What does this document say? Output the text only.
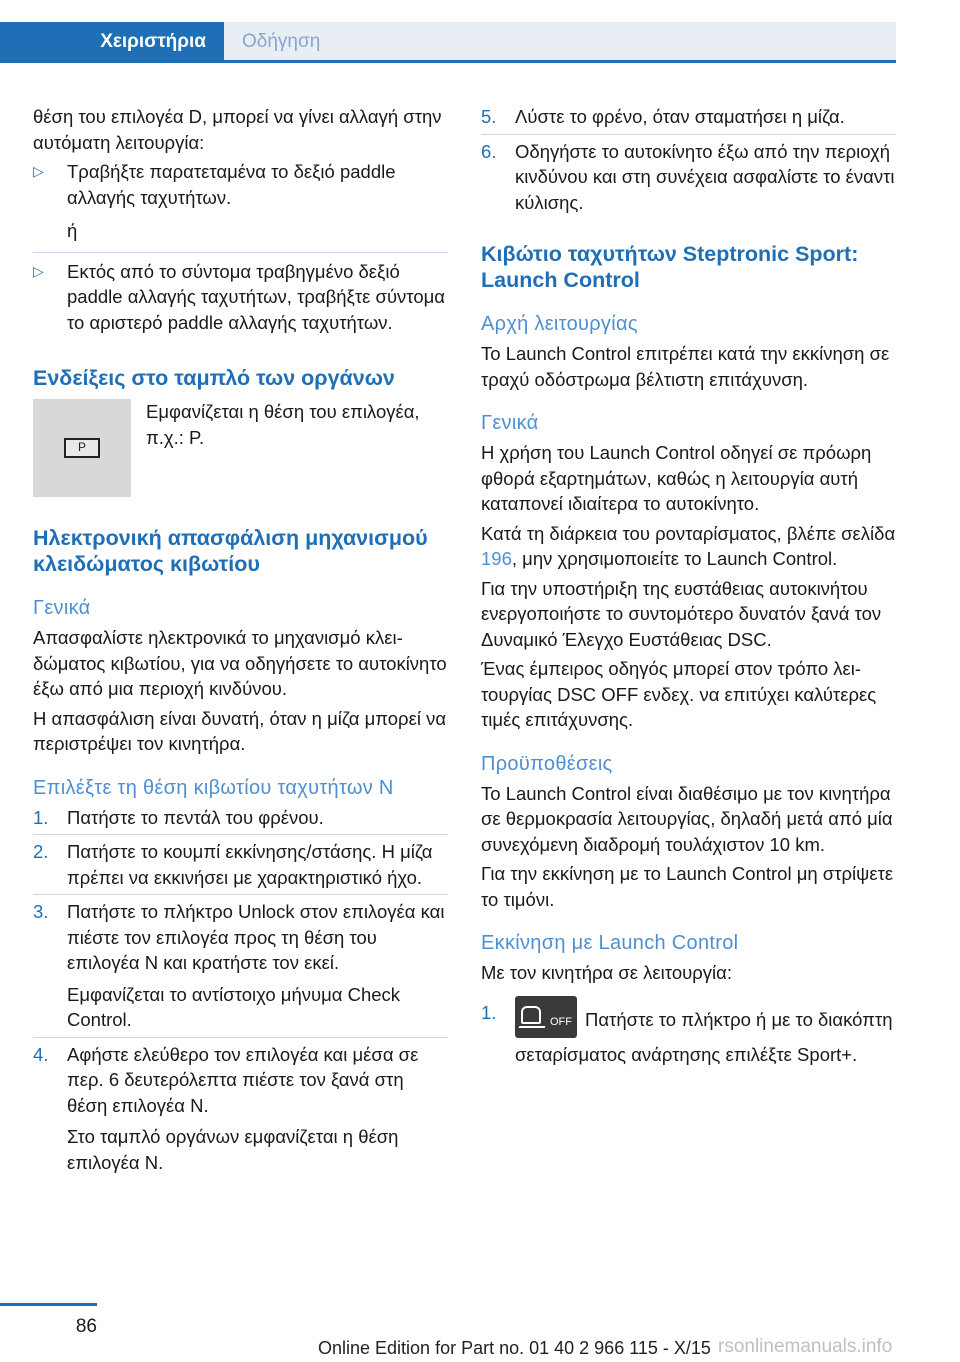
Χειριστήρια	Οδήγηση

θέση του επιλογέα D, μπορεί να γίνει αλλαγή στην αυτόματη λειτουργία:

▷ Τραβήξτε παρατεταμένα το δεξιό paddle αλλαγής ταχυτήτων.
ή
▷ Εκτός από το σύντομα τραβηγμένο δεξιό paddle αλλαγής ταχυτήτων, τραβήξτε σύντομα το αριστερό paddle αλλαγής ταχυτήτων.
Ενδείξεις στο ταμπλό των οργάνων
P
Εμφανίζεται η θέση του επιλογέα, π.χ.: P.
Ηλεκτρονική απασφάλιση μηχανισμού κλειδώματος κιβωτίου
Γενικά

Απασφαλίστε ηλεκτρονικά το μηχανισμό κλειδώματος κιβωτίου, για να οδηγήσετε το αυτοκίνητο έξω από μια περιοχή κινδύνου.

Η απασφάλιση είναι δυνατή, όταν η μίζα μπορεί να περιστρέψει τον κινητήρα.

Επιλέξτε τη θέση κιβωτίου ταχυτήτων N
1. Πατήστε το πεντάλ του φρένου.
2. Πατήστε το κουμπί εκκίνησης/στάσης. Η μίζα πρέπει να εκκινήσει με χαρακτηριστικό ήχο.
3. Πατήστε το πλήκτρο Unlock στον επιλογέα και πιέστε τον επιλογέα προς τη θέση του επιλογέα N και κρατήστε τον εκεί.
Εμφανίζεται το αντίστοιχο μήνυμα Check Control.
4. Αφήστε ελεύθερο τον επιλογέα και μέσα σε περ. 6 δευτερόλεπτα πιέστε τον ξανά στη θέση επιλογέα N.
Στο ταμπλό οργάνων εμφανίζεται η θέση επιλογέα N.
5. Λύστε το φρένο, όταν σταματήσει η μίζα.
6. Οδηγήστε το αυτοκίνητο έξω από την περιοχή κινδύνου και στη συνέχεια ασφαλίστε το έναντι κύλισης.
Κιβώτιο ταχυτήτων Steptronic Sport: Launch Control
Αρχή λειτουργίας

Το Launch Control επιτρέπει κατά την εκκίνηση σε τραχύ οδόστρωμα βέλτιστη επιτάχυνση.

Γενικά

Η χρήση του Launch Control οδηγεί σε πρόωρη φθορά εξαρτημάτων, καθώς η λειτουργία αυτή καταπονεί ιδιαίτερα το αυτοκίνητο.

Κατά τη διάρκεια του ρονταρίσματος, βλέπε σελίδα 196, μην χρησιμοποιείτε το Launch Control.

Για την υποστήριξη της ευστάθειας αυτοκινήτου ενεργοποιήστε το συντομότερο δυνατόν ξανά τον Δυναμικό Έλεγχο Ευστάθειας DSC.

Ένας έμπειρος οδηγός μπορεί στον τρόπο λειτουργίας DSC OFF ενδεχ. να επιτύχει καλύτερες τιμές επιτάχυνσης.

Προϋποθέσεις

Το Launch Control είναι διαθέσιμο με τον κινητήρα σε θερμοκρασία λειτουργίας, δηλαδή μετά από μία συνεχόμενη διαδρομή τουλάχιστον 10 km.

Για την εκκίνηση με το Launch Control μη στρίψετε το τιμόνι.

Εκκίνηση με Launch Control

Με τον κινητήρα σε λειτουργία:

1.	OFF Πατήστε το πλήκτρο ή με το διακόπτη σεταρίσματος ανάρτησης επιλέξτε Sport+.
86
Online Edition for Part no. 01 40 2 966 115 - X/15 rsonlinemanuals.info
